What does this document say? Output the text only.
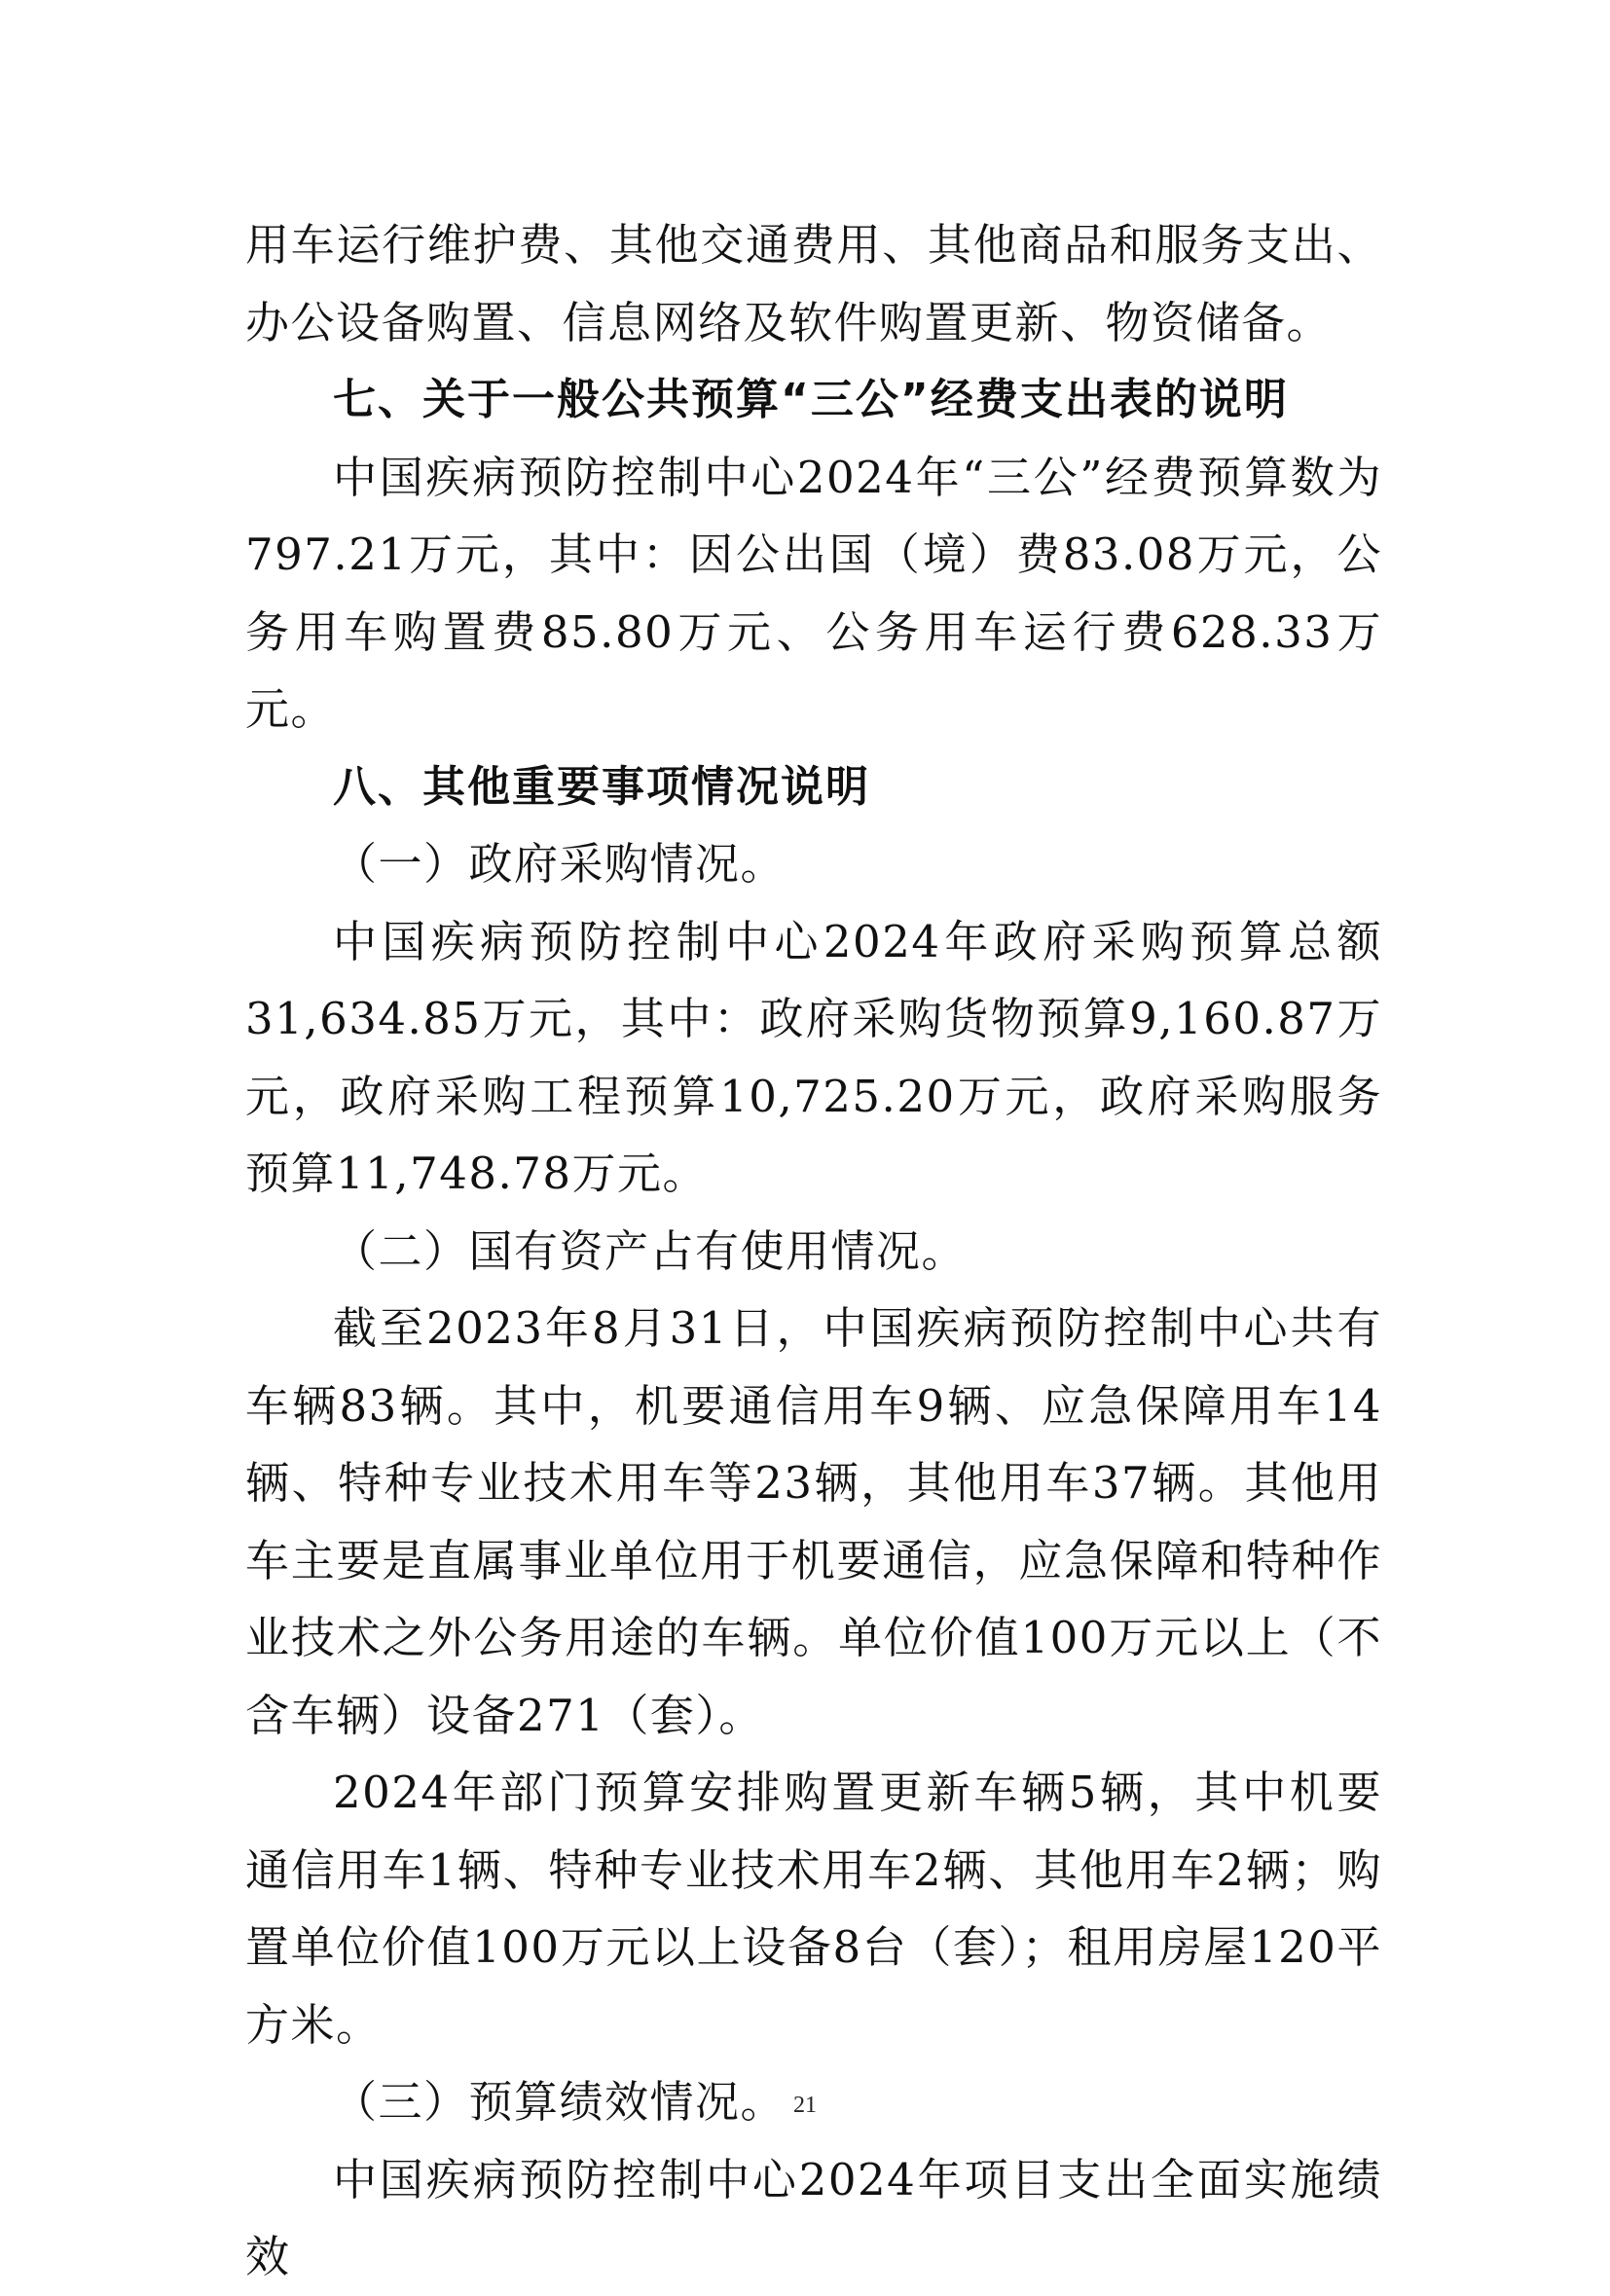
用车运行维护费、其他交通费用、其他商品和服务支出、办公设备购置、信息网络及软件购置更新、物资储备。

七、关于一般公共预算“三公”经费支出表的说明

中国疾病预防控制中心2024年“三公”经费预算数为797.21万元，其中：因公出国（境）费83.08万元，公务用车购置费85.80万元、公务用车运行费628.33万元。

八、其他重要事项情况说明

（一）政府采购情况。

中国疾病预防控制中心2024年政府采购预算总额31,634.85万元，其中：政府采购货物预算9,160.87万元，政府采购工程预算10,725.20万元，政府采购服务预算11,748.78万元。

（二）国有资产占有使用情况。

截至2023年8月31日，中国疾病预防控制中心共有车辆83辆。其中，机要通信用车9辆、应急保障用车14辆、特种专业技术用车等23辆，其他用车37辆。其他用车主要是直属事业单位用于机要通信，应急保障和特种作业技术之外公务用途的车辆。单位价值100万元以上（不含车辆）设备271（套）。

2024年部门预算安排购置更新车辆5辆，其中机要通信用车1辆、特种专业技术用车2辆、其他用车2辆；购置单位价值100万元以上设备8台（套）；租用房屋120平方米。

（三）预算绩效情况。

中国疾病预防控制中心2024年项目支出全面实施绩效

21
